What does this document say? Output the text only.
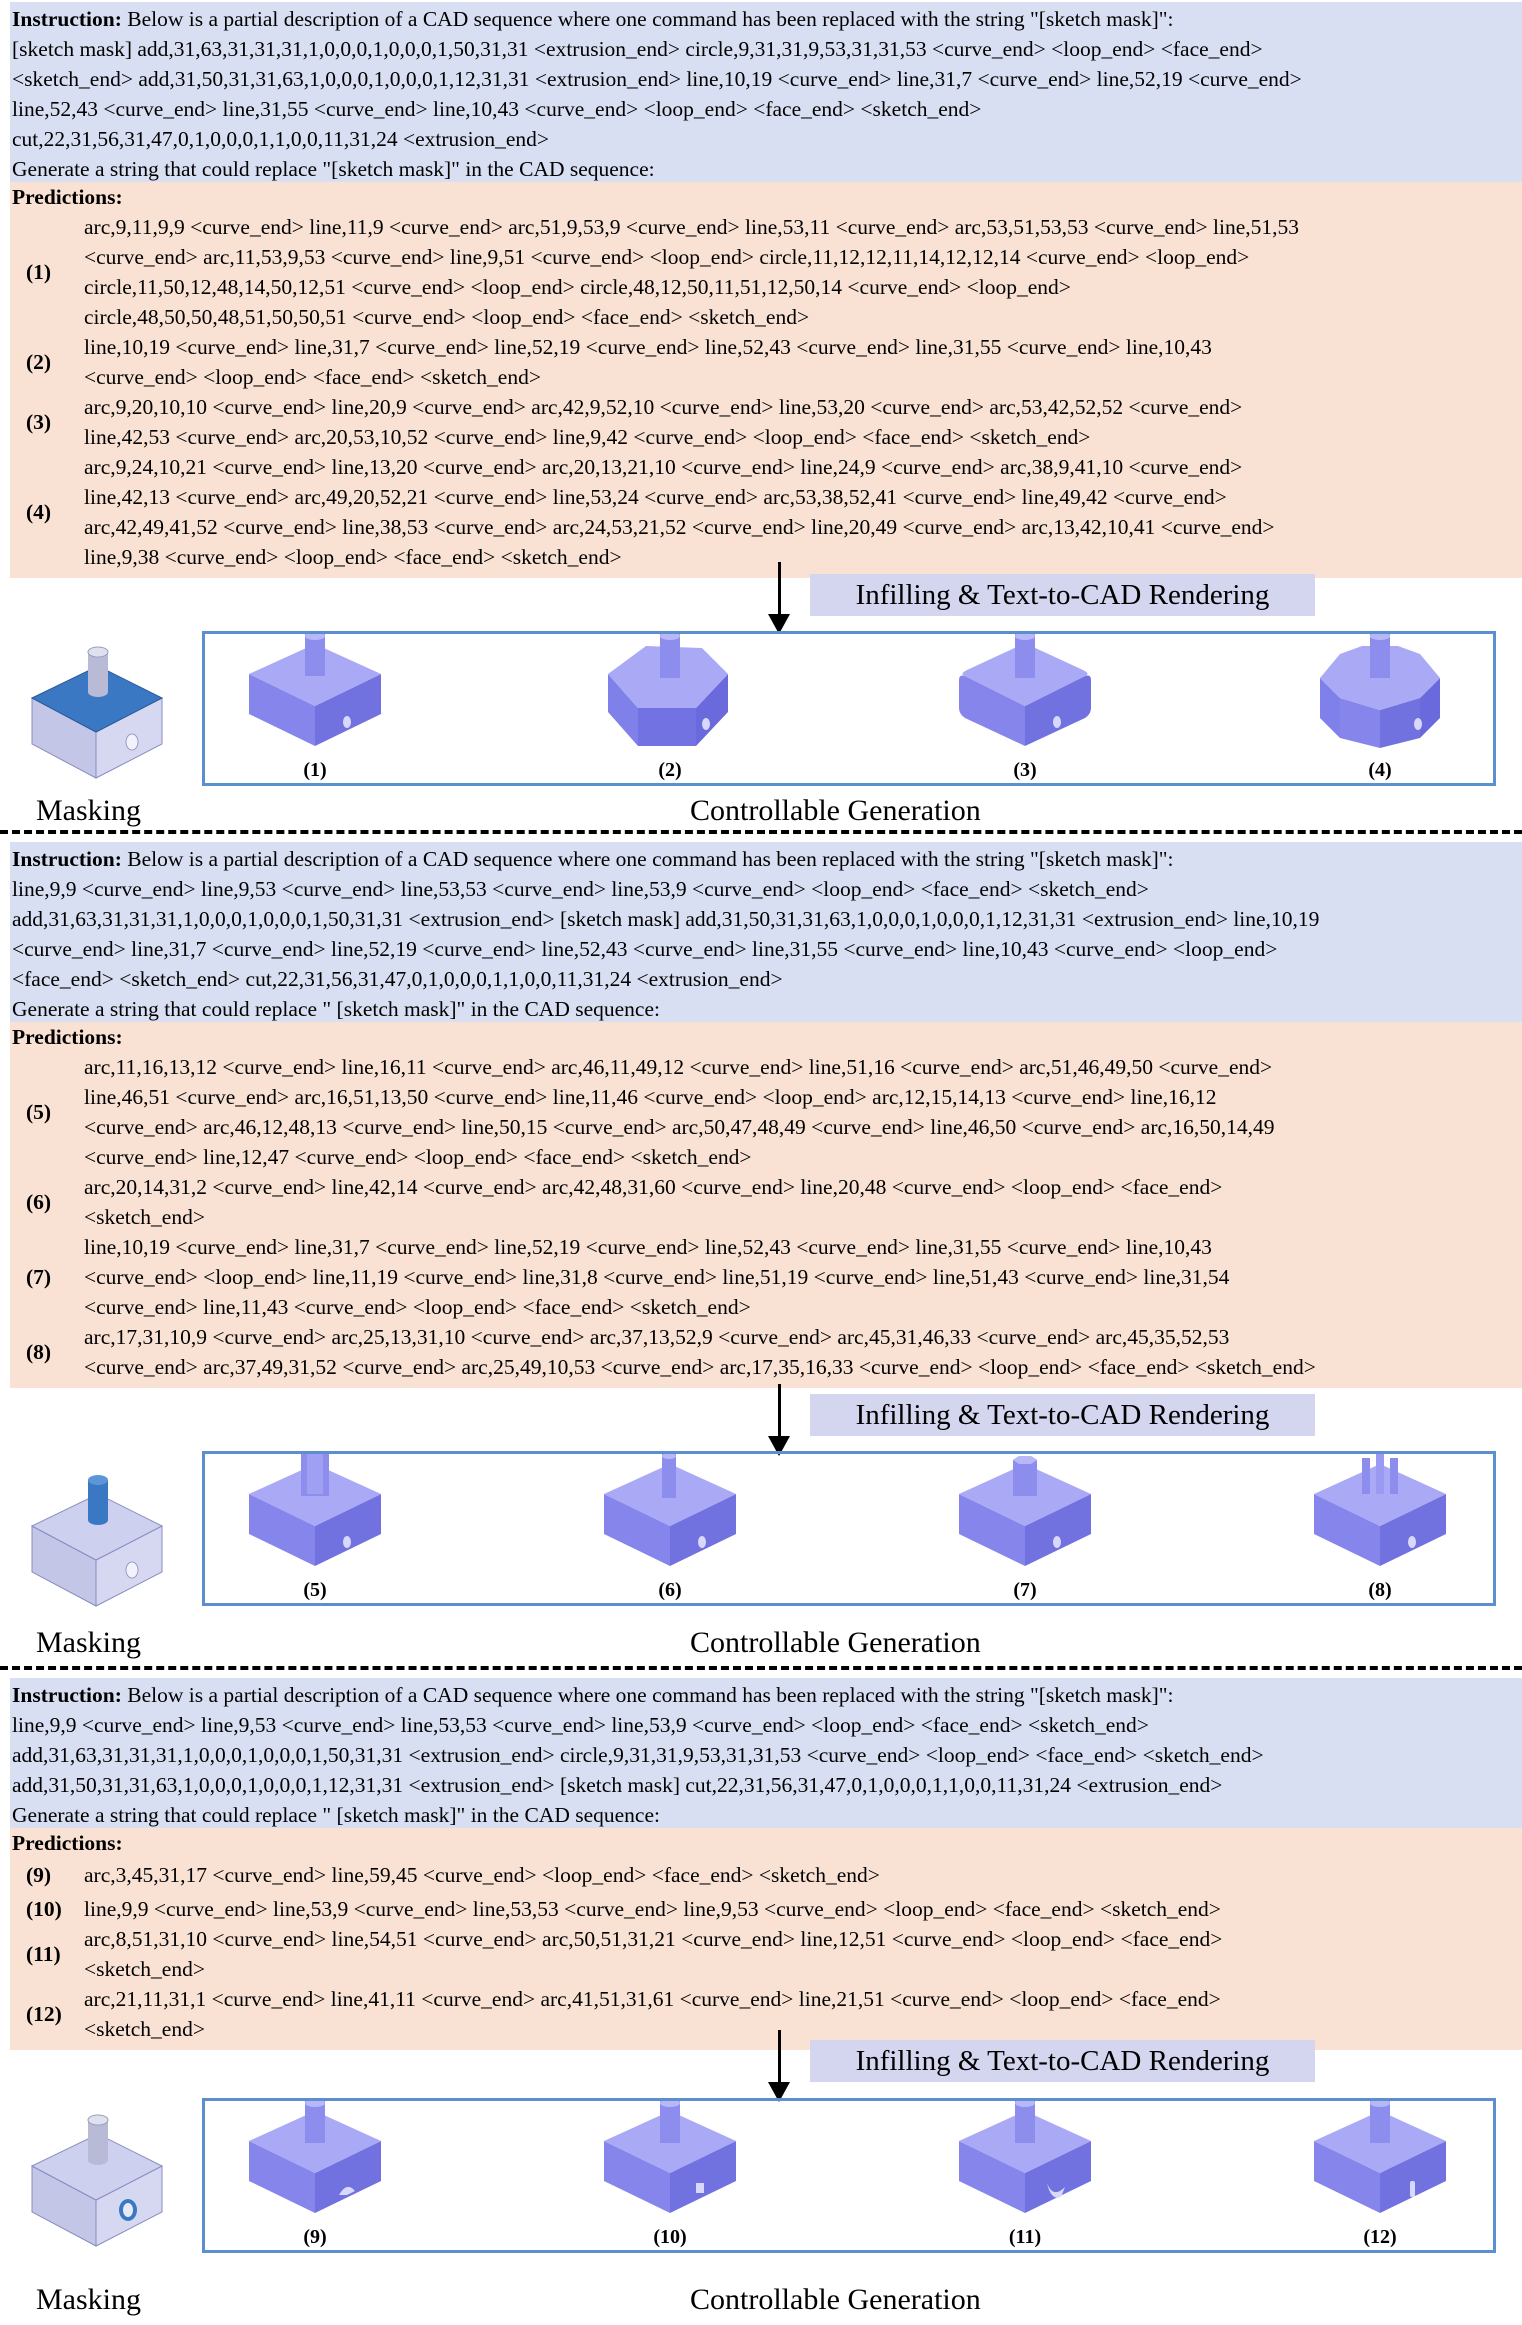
Instruction: Below is a partial description of a CAD sequence where one command has been replaced with the string "[sketch mask]":
[sketch mask] add,31,63,31,31,31,1,0,0,0,1,0,0,0,1,50,31,31 <extrusion_end> circle,9,31,31,9,53,31,31,53 <curve_end> <loop_end> <face_end>
<sketch_end> add,31,50,31,31,63,1,0,0,0,1,0,0,0,1,12,31,31 <extrusion_end> line,10,19 <curve_end> line,31,7 <curve_end> line,52,19 <curve_end>
line,52,43 <curve_end> line,31,55 <curve_end> line,10,43 <curve_end> <loop_end> <face_end> <sketch_end>
cut,22,31,56,31,47,0,1,0,0,0,1,1,0,0,11,31,24 <extrusion_end>
Generate a string that could replace "[sketch mask]" in the CAD sequence:
Predictions:
(1)
arc,9,11,9,9 <curve_end> line,11,9 <curve_end> arc,51,9,53,9 <curve_end> line,53,11 <curve_end> arc,53,51,53,53 <curve_end> line,51,53
<curve_end> arc,11,53,9,53 <curve_end> line,9,51 <curve_end> <loop_end> circle,11,12,12,11,14,12,12,14 <curve_end> <loop_end>
circle,11,50,12,48,14,50,12,51 <curve_end> <loop_end> circle,48,12,50,11,51,12,50,14 <curve_end> <loop_end>
circle,48,50,50,48,51,50,50,51 <curve_end> <loop_end> <face_end> <sketch_end>
(2)
line,10,19 <curve_end> line,31,7 <curve_end> line,52,19 <curve_end> line,52,43 <curve_end> line,31,55 <curve_end> line,10,43
<curve_end> <loop_end> <face_end> <sketch_end>
(3)
arc,9,20,10,10 <curve_end> line,20,9 <curve_end> arc,42,9,52,10 <curve_end> line,53,20 <curve_end> arc,53,42,52,52 <curve_end>
line,42,53 <curve_end> arc,20,53,10,52 <curve_end> line,9,42 <curve_end> <loop_end> <face_end> <sketch_end>
(4)
arc,9,24,10,21 <curve_end> line,13,20 <curve_end> arc,20,13,21,10 <curve_end> line,24,9 <curve_end> arc,38,9,41,10 <curve_end>
line,42,13 <curve_end> arc,49,20,52,21 <curve_end> line,53,24 <curve_end> arc,53,38,52,41 <curve_end> line,49,42 <curve_end>
arc,42,49,41,52 <curve_end> line,38,53 <curve_end> arc,24,53,21,52 <curve_end> line,20,49 <curve_end> arc,13,42,10,41 <curve_end>
line,9,38 <curve_end> <loop_end> <face_end> <sketch_end>
Infilling & Text-to-CAD Rendering
Masking
(1)	(2)	(3)	(4)
Controllable Generation
Instruction: Below is a partial description of a CAD sequence where one command has been replaced with the string "[sketch mask]":
line,9,9 <curve_end> line,9,53 <curve_end> line,53,53 <curve_end> line,53,9 <curve_end> <loop_end> <face_end> <sketch_end>
add,31,63,31,31,31,1,0,0,0,1,0,0,0,1,50,31,31 <extrusion_end> [sketch mask] add,31,50,31,31,63,1,0,0,0,1,0,0,0,1,12,31,31 <extrusion_end> line,10,19
<curve_end> line,31,7 <curve_end> line,52,19 <curve_end> line,52,43 <curve_end> line,31,55 <curve_end> line,10,43 <curve_end> <loop_end>
<face_end> <sketch_end> cut,22,31,56,31,47,0,1,0,0,0,1,1,0,0,11,31,24 <extrusion_end>
Generate a string that could replace " [sketch mask]" in the CAD sequence:
Predictions:
(5)
arc,11,16,13,12 <curve_end> line,16,11 <curve_end> arc,46,11,49,12 <curve_end> line,51,16 <curve_end> arc,51,46,49,50 <curve_end>
line,46,51 <curve_end> arc,16,51,13,50 <curve_end> line,11,46 <curve_end> <loop_end> arc,12,15,14,13 <curve_end> line,16,12
<curve_end> arc,46,12,48,13 <curve_end> line,50,15 <curve_end> arc,50,47,48,49 <curve_end> line,46,50 <curve_end> arc,16,50,14,49
<curve_end> line,12,47 <curve_end> <loop_end> <face_end> <sketch_end>
(6)
arc,20,14,31,2 <curve_end> line,42,14 <curve_end> arc,42,48,31,60 <curve_end> line,20,48 <curve_end> <loop_end> <face_end>
<sketch_end>
(7)
line,10,19 <curve_end> line,31,7 <curve_end> line,52,19 <curve_end> line,52,43 <curve_end> line,31,55 <curve_end> line,10,43
<curve_end> <loop_end> line,11,19 <curve_end> line,31,8 <curve_end> line,51,19 <curve_end> line,51,43 <curve_end> line,31,54
<curve_end> line,11,43 <curve_end> <loop_end> <face_end> <sketch_end>
(8)
arc,17,31,10,9 <curve_end> arc,25,13,31,10 <curve_end> arc,37,13,52,9 <curve_end> arc,45,31,46,33 <curve_end> arc,45,35,52,53
<curve_end> arc,37,49,31,52 <curve_end> arc,25,49,10,53 <curve_end> arc,17,35,16,33 <curve_end> <loop_end> <face_end> <sketch_end>
Infilling & Text-to-CAD Rendering
Masking
(5)	(6)	(7)	(8)
Controllable Generation
Instruction: Below is a partial description of a CAD sequence where one command has been replaced with the string "[sketch mask]":
line,9,9 <curve_end> line,9,53 <curve_end> line,53,53 <curve_end> line,53,9 <curve_end> <loop_end> <face_end> <sketch_end>
add,31,63,31,31,31,1,0,0,0,1,0,0,0,1,50,31,31 <extrusion_end> circle,9,31,31,9,53,31,31,53 <curve_end> <loop_end> <face_end> <sketch_end>
add,31,50,31,31,63,1,0,0,0,1,0,0,0,1,12,31,31 <extrusion_end> [sketch mask] cut,22,31,56,31,47,0,1,0,0,0,1,1,0,0,11,31,24 <extrusion_end>
Generate a string that could replace " [sketch mask]" in the CAD sequence:
Predictions:
(9)	arc,3,45,31,17 <curve_end> line,59,45 <curve_end> <loop_end> <face_end> <sketch_end>
(10)	line,9,9 <curve_end> line,53,9 <curve_end> line,53,53 <curve_end> line,9,53 <curve_end> <loop_end> <face_end> <sketch_end>
(11)
arc,8,51,31,10 <curve_end> line,54,51 <curve_end> arc,50,51,31,21 <curve_end> line,12,51 <curve_end> <loop_end> <face_end>
<sketch_end>
(12)
arc,21,11,31,1 <curve_end> line,41,11 <curve_end> arc,41,51,31,61 <curve_end> line,21,51 <curve_end> <loop_end> <face_end>
<sketch_end>
Infilling & Text-to-CAD Rendering
Masking
(9)	(10)	(11)	(12)
Controllable Generation
